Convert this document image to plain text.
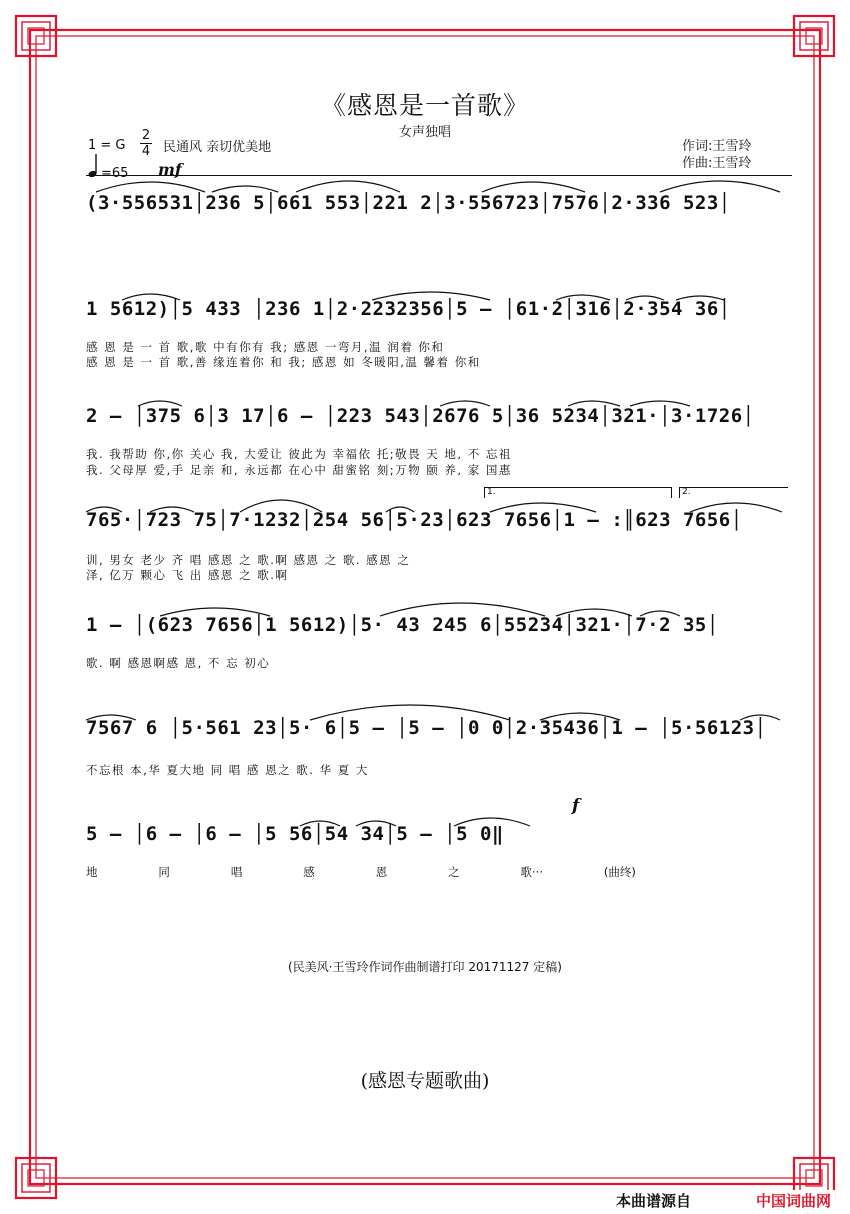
《感恩是一首歌》
女声独唱
1 = G
2
4 民通风 亲切优美地
=65 mf
作词:王雪玲
作曲:王雪玲
(3·556531│236 5│661 553│221 2│3·556723│7576│2·336 523│
1 5612)│5 433 │236 1│2·2232356│5 – │61·2│316│2·354 36│
感 恩 是 一 首 歌,歌 中有你有 我; 感恩 一弯月,温 润着 你和
感 恩 是 一 首 歌,善 缘连着你 和 我; 感恩 如 冬暖阳,温 馨着 你和
2 – │375 6│3 17│6 – │223 543│2676 5│36 5234│321·│3·1726│
我. 我帮助 你,你 关心 我, 大爱让 彼此为 幸福依 托;敬畏 天 地, 不 忘祖
我. 父母厚 爱,手 足亲 和, 永远都 在心中 甜蜜铭 刻;万物 颐 养, 家 国惠
1.	2.
765·│723 75│7·1232│254 56│5·23│623 7656│1 – :║623 7656│
训, 男女 老少 齐 唱 感恩 之 歌.啊 感恩 之 歌. 感恩 之
泽, 亿万 颗心 飞 出 感恩 之 歌.啊
1 – │(623 7656│1 5612)│5· 43 245 6│55234│321·│7·2 35│
歌. 啊 感恩啊感 恩, 不 忘 初心
7567 6 │5·561 23│5· 6│5 – │5 – │0 0│2·35436│1 – │5·56123│
不忘根 本,华 夏大地 同 唱 感 恩之 歌. 华 夏 大
f
5 – │6 – │6 – │5 56│54 34│5 – │5 0‖
地	同	唱	感	恩	之	歌···	(曲终)
(民美风·王雪玲作词作曲制谱打印 20171127 定稿)
(感恩专题歌曲)
本曲谱源自	中国词曲网
